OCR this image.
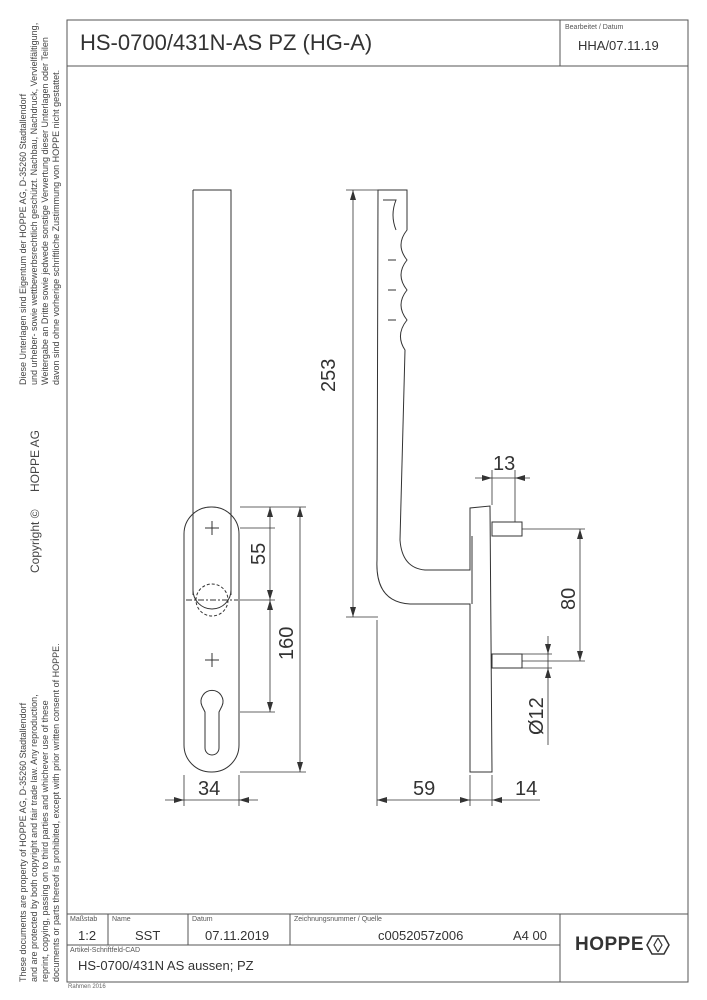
253
13
55
160
80
Ø12
34	59	14
HS-0700/431N-AS PZ (HG-A)
Bearbeitet / Datum
HHA/07.11.19

Diese Unterlagen sind Eigentum der HOPPE AG, D-35260 Stadtallendorf und urheber- sowie wettbewerbsrechtlich geschützt. Nachbau, Nachdruck, Vervielfältigung, Weitergabe an Dritte sowie jedwede sonstige Verwertung dieser Unterlagen oder Teilen davon sind ohne vorherige schriftliche Zustimmung von HOPPE nicht gestattet.

HOPPE AG
Copyright ©

These documents are property of HOPPE AG, D-35260 Stadtallendorf and are protected by both copyright and fair trade law. Any reproduction, reprint, copying, passing on to third parties and whichever use of these documents or parts thereof is prohibited, except with prior written consent of HOPPE. Maßstab
1:2
Name
SST
Datum
07.11.2019
Zeichnungsnummer / Quelle
c0052057z006	A4 00
Artikel-Schriftfeld-CAD
HS-0700/431N AS aussen; PZ
HOPPE
Rahmen 2016
